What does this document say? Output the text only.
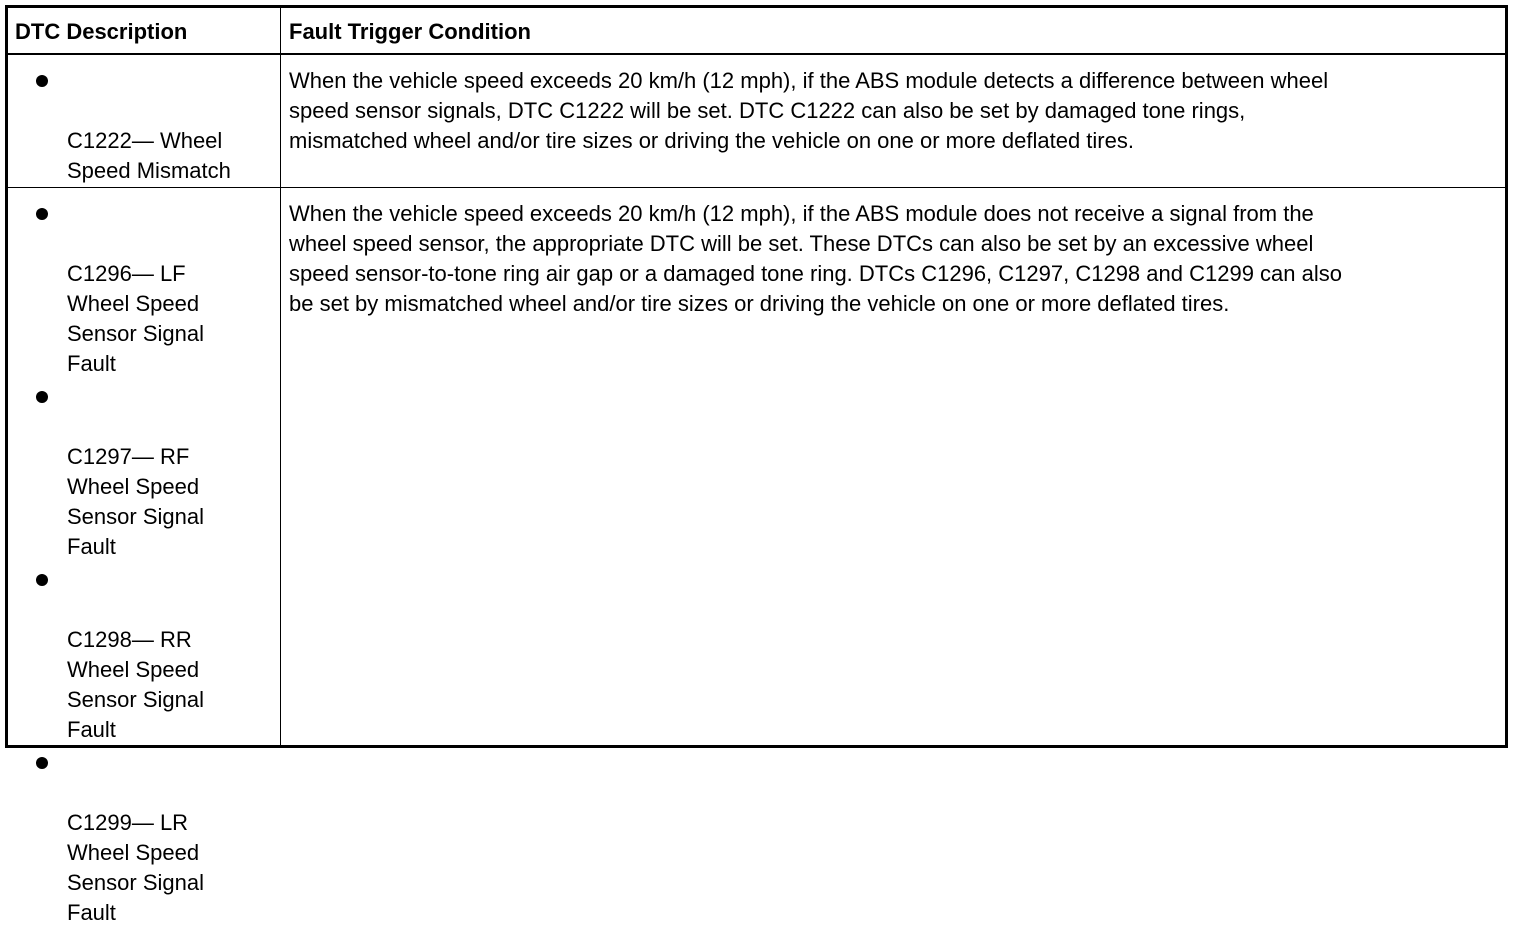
DTC Description	Fault Trigger Condition

C1222— Wheel
Speed Mismatch

When the vehicle speed exceeds 20 km/h (12 mph), if the ABS module detects a difference between wheel
speed sensor signals, DTC C1222 will be set. DTC C1222 can also be set by damaged tone rings,
mismatched wheel and/or tire sizes or driving the vehicle on one or more deflated tires.

C1296— LF
Wheel Speed
Sensor Signal
Fault

C1297— RF
Wheel Speed
Sensor Signal
Fault

C1298— RR
Wheel Speed
Sensor Signal
Fault

C1299— LR
Wheel Speed
Sensor Signal
Fault

When the vehicle speed exceeds 20 km/h (12 mph), if the ABS module does not receive a signal from the
wheel speed sensor, the appropriate DTC will be set. These DTCs can also be set by an excessive wheel
speed sensor-to-tone ring air gap or a damaged tone ring. DTCs C1296, C1297, C1298 and C1299 can also
be set by mismatched wheel and/or tire sizes or driving the vehicle on one or more deflated tires.
